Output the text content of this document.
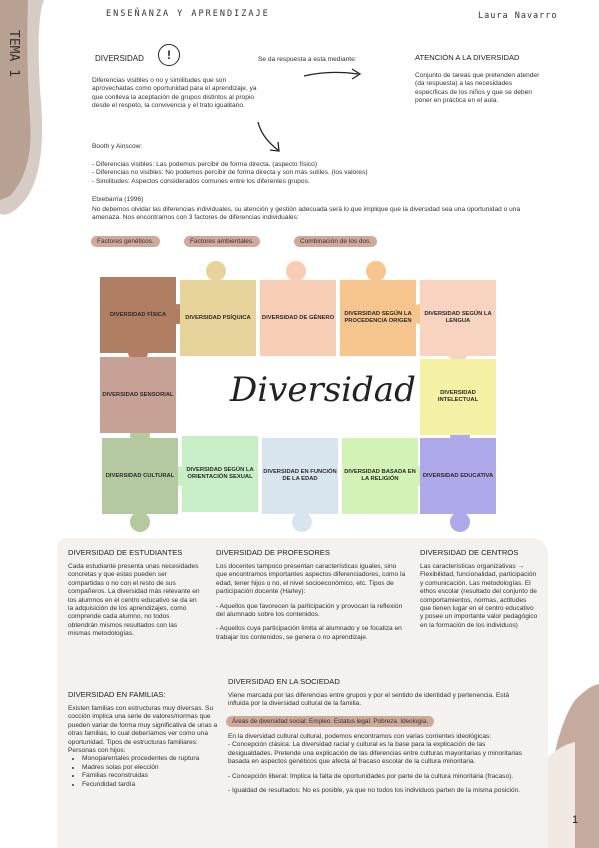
ENSEÑANZA Y APRENDIZAJE	Laura Navarro
TEMA 1	DIVERSIDAD	!
Diferencias visibles o no y similitudes que son aprovechadas como oportunidad para el aprendizaje, ya que conlleva la aceptación de grupos distintos al propio desde el respeto, la convivencia y el trato igualitario.
Se da respuesta a esta mediante:	ATENCIÓN A LA DIVERSIDAD
Conjunto de tareas que pretenden atender (da respuesta) a las necesidades específicas de los niños y que se deben poner en práctica en el aula.
Booth y Ainscow:
- Diferencias visibles: Las podemos percibir de forma directa. (aspecto físico)
- Diferencias no visibles: No podemos percibir de forma directa y son más sutiles. (los valores)
- Similitudes: Aspectos considerados comunes entre los diferentes grupos.
Etxebarría (1996)
No debemos olvidar las diferencias individuales, su atención y gestión adecuada será lo que implique que la diversidad sea una oportunidad o una amenaza. Nos encontramos con 3 factores de diferencias individuales:
Factores genéticos.	Factores ambientales.	Combinación de los dos.
DIVERSIDAD FÍSICA	DIVERSIDAD PSÍQUICA	DIVERSIDAD DE GÉNERO
DIVERSIDAD SEGÚN LA PROCEDENCIA ORIGEN
DIVERSIDAD SEGÚN LA LENGUA
DIVERSIDAD SENSORIAL	DIVERSIDAD INTELECTUAL
DIVERSIDAD CULTURAL
DIVERSIDAD SEGÚN LA ORIENTACIÓN SEXUAL
DIVERSIDAD EN FUNCIÓN DE LA EDAD
DIVERSIDAD BASADA EN LA RELIGIÓN
DIVERSIDAD EDUCATIVA
Diversidad
DIVERSIDAD DE ESTUDIANTES
Cada estudiante presenta unas necesidades concretas y que estas pueden ser compartidas o no con el resto de sus compañeros. La diversidad más relevante en los alumnos en el centro educativo se da en la adquisición de los aprendizajes, como comprende cada alumno, no todos obtendrán mismos resultados con las mismas metodologías.
DIVERSIDAD DE PROFESORES
Los docentes tampoco presentan características iguales, sino que encontramos importantes aspectos diferenciadores, como la edad, tener hijos o no, el nivel socioeconómico, etc. Tipos de participación docente (Harley):
- Aquellos que favorecen la participación y provocan la reflexión del alumnado sobre los contenidos.
- Aquellos cuya participación limita al alumnado y se focaliza en trabajar los contenidos, se genera o no aprendizaje.
DIVERSIDAD DE CENTROS
Las características organizativas → Flexibilidad, funcionalidad, participación y comunicación. Las metodologías. El ethos escolar (resultado del conjunto de comportamientos, normas, actitudes que tienen lugar en el centro educativo y posee un importante valor pedagógico en la formación de los individuos)
DIVERSIDAD EN FAMILIAS:
Existen familias con estructuras muy diversas. Su cocción implica una serie de valores/normas que pueden variar de forma muy significativa de unas a otras familias, lo cual deberíamos ver como una oportunidad. Tipos de estructuras familiares:
Personas con hijos:
• Monoparentales procedentes de ruptura
• Madres solas por elección
• Familias reconstruidas
• Fecundidad tardía
DIVERSIDAD EN LA SOCIEDAD
Viene marcada por las diferencias entre grupos y por el sentido de identidad y pertenencia. Está influida por la diversidad cultural de la familia.
Áreas de diversidad social: Empleo. Estatus legal. Pobreza. Ideología.
En la diversidad cultural cultural, podemos encontramos con varias corrientes ideológicas:
- Concepción clásica: La diversidad racial y cultural es la base para la explicación de las desigualdades. Pretende una explicación de las diferencias entre culturas mayoritarias y minoritarias basada en aspectos genéticos que afecta al fracaso escolar de la cultura minoritaria.
- Concepción liberal: Implica la falta de oportunidades por parte de la cultura minoritaria (fracaso).
- Igualdad de resultados: No es posible, ya que no todos los individuos parten de la misma posición.
1
